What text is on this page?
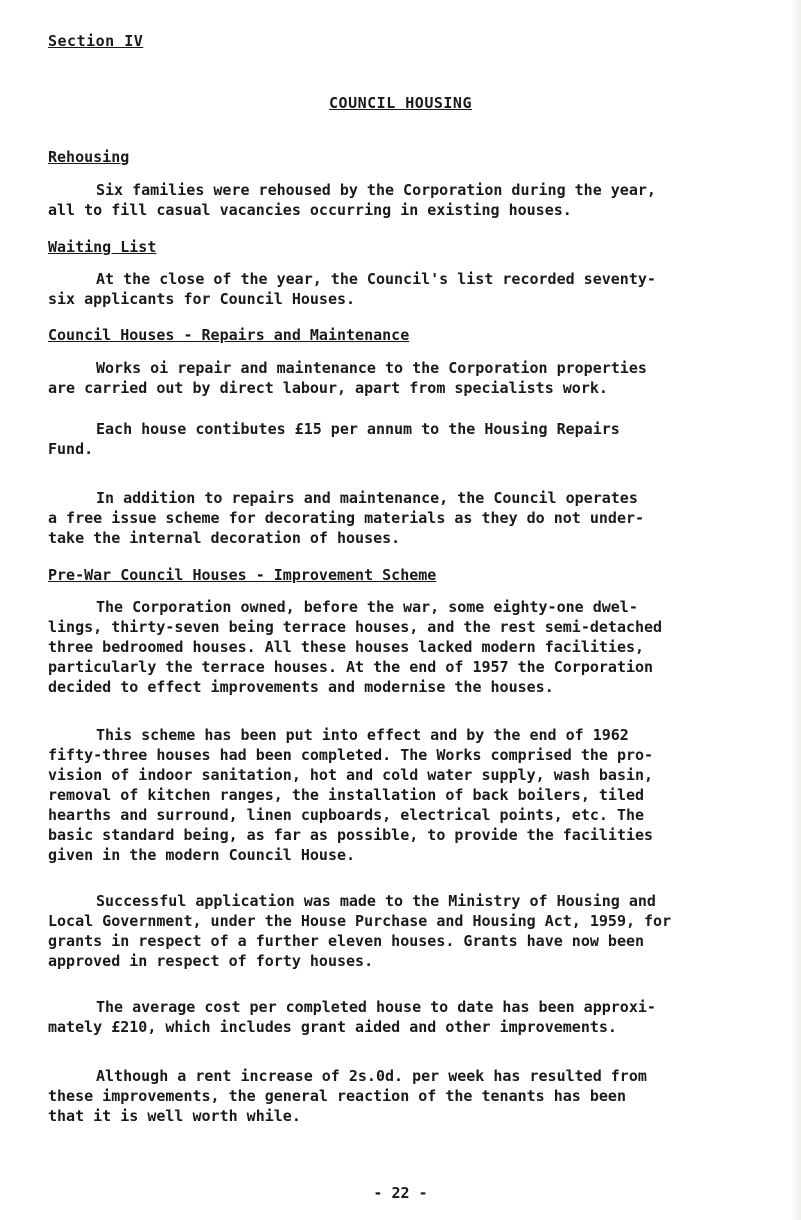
Section IV
COUNCIL HOUSING
Rehousing
Six families were rehoused by the Corporation during the year,
all to fill casual vacancies occurring in existing houses.
Waiting List
At the close of the year, the Council's list recorded seventy-
six applicants for Council Houses.
Council Houses - Repairs and Maintenance
Works oi repair and maintenance to the Corporation properties
are carried out by direct labour, apart from specialists work.
Each house contibutes £15 per annum to the Housing Repairs
Fund.
In addition to repairs and maintenance, the Council operates
a free issue scheme for decorating materials as they do not under-
take the internal decoration of houses.
Pre-War Council Houses - Improvement Scheme
The Corporation owned, before the war, some eighty-one dwel-
lings, thirty-seven being terrace houses, and the rest semi-detached
three bedroomed houses. All these houses lacked modern facilities,
particularly the terrace houses. At the end of 1957 the Corporation
decided to effect improvements and modernise the houses.
This scheme has been put into effect and by the end of 1962
fifty-three houses had been completed. The Works comprised the pro-
vision of indoor sanitation, hot and cold water supply, wash basin,
removal of kitchen ranges, the installation of back boilers, tiled
hearths and surround, linen cupboards, electrical points, etc. The
basic standard being, as far as possible, to provide the facilities
given in the modern Council House.
Successful application was made to the Ministry of Housing and
Local Government, under the House Purchase and Housing Act, 1959, for
grants in respect of a further eleven houses. Grants have now been
approved in respect of forty houses.
The average cost per completed house to date has been approxi-
mately £210, which includes grant aided and other improvements.
Although a rent increase of 2s.0d. per week has resulted from
these improvements, the general reaction of the tenants has been
that it is well worth while.
- 22 -
